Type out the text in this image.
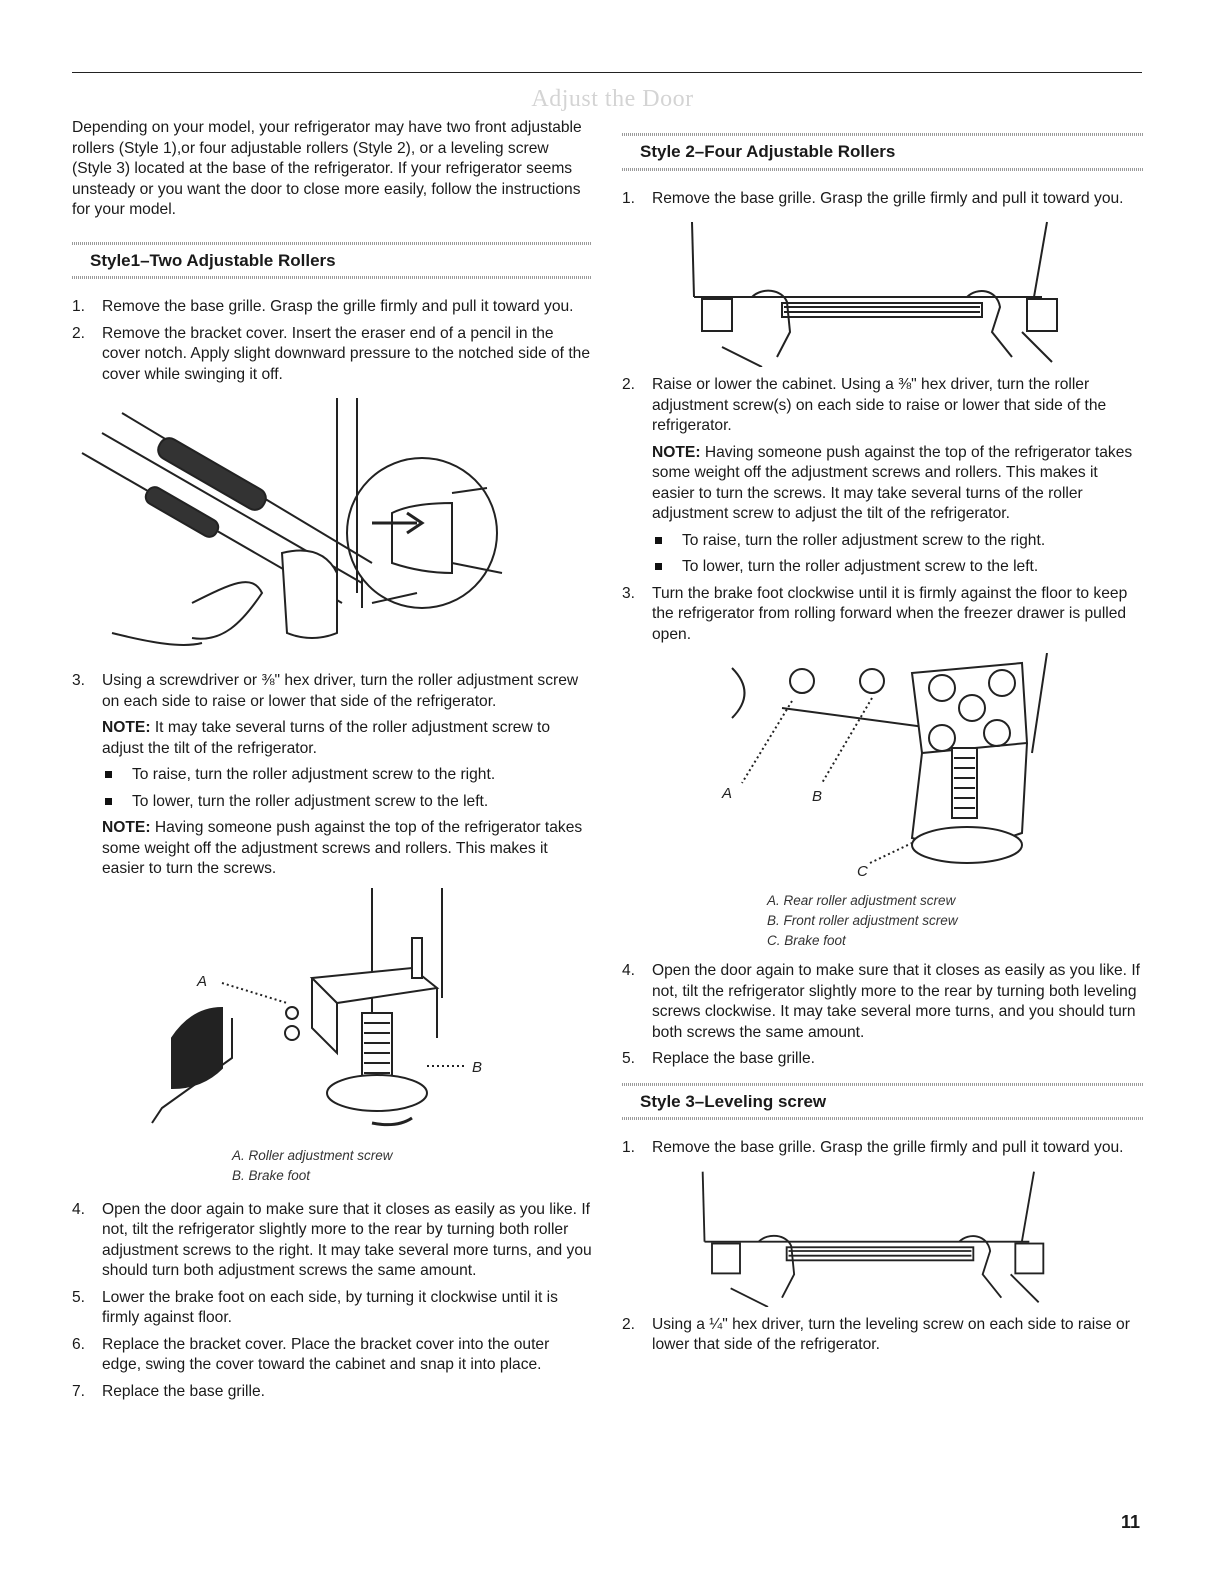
Adjust the Door

Depending on your model, your refrigerator may have two front adjustable rollers (Style 1),or four adjustable rollers (Style 2), or a leveling screw (Style 3) located at the base of the refrigerator. If your refrigerator seems unsteady or you want the door to close more easily, follow the instructions for your model.

Style1–Two Adjustable Rollers
1. Remove the base grille. Grasp the grille firmly and pull it toward you.
2. Remove the bracket cover. Insert the eraser end of a pencil in the cover notch. Apply slight downward pressure to the notched side of the cover while swinging it off.
3. Using a screwdriver or ⅜" hex driver, turn the roller adjustment screw on each side to raise or lower that side of the refrigerator.

NOTE: It may take several turns of the roller adjustment screw to adjust the tilt of the refrigerator.

To raise, turn the roller adjustment screw to the right.
To lower, turn the roller adjustment screw to the left.

NOTE: Having someone push against the top of the refrigerator takes some weight off the adjustment screws and rollers. This makes it easier to turn the screws.

A
B
A. Roller adjustment screw
B. Brake foot
4. Open the door again to make sure that it closes as easily as you like. If not, tilt the refrigerator slightly more to the rear by turning both roller adjustment screws to the right. It may take several more turns, and you should turn both adjustment screws the same amount.
5. Lower the brake foot on each side, by turning it clockwise until it is firmly against floor.
6. Replace the bracket cover. Place the bracket cover into the outer edge, swing the cover toward the cabinet and snap it into place.
7. Replace the base grille.
Style 2–Four Adjustable Rollers
1. Remove the base grille. Grasp the grille firmly and pull it toward you.
2. Raise or lower the cabinet. Using a ⅜" hex driver, turn the roller adjustment screw(s) on each side to raise or lower that side of the refrigerator.

NOTE: Having someone push against the top of the refrigerator takes some weight off the adjustment screws and rollers. This makes it easier to turn the screws. It may take several turns of the roller adjustment screw to adjust the tilt of the refrigerator.

To raise, turn the roller adjustment screw to the right.
To lower, turn the roller adjustment screw to the left.
3. Turn the brake foot clockwise until it is firmly against the floor to keep the refrigerator from rolling forward when the freezer drawer is pulled open.
A	B
C
A. Rear roller adjustment screw
B. Front roller adjustment screw
C. Brake foot
4. Open the door again to make sure that it closes as easily as you like. If not, tilt the refrigerator slightly more to the rear by turning both leveling screws clockwise. It may take several more turns, and you should turn both screws the same amount.
5. Replace the base grille.
Style 3–Leveling screw
1. Remove the base grille. Grasp the grille firmly and pull it toward you.
2. Using a ¼" hex driver, turn the leveling screw on each side to raise or lower that side of the refrigerator.
11
